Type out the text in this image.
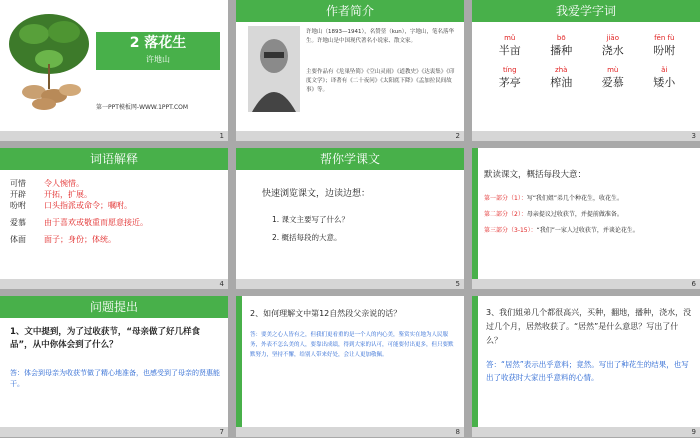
2 落花生
许地山
第一PPT模板网-WWW.1PPT.COM
1
作者简介
许地山（1893—1941），名赞堃（kun），字地山，笔名落华生。许地山是中国现代著名小说家、散文家。
主要作品有《危巢坠简》《空山灵雨》《道教史》《达衷集》《印度文学》；译著有《二十夜问》《太阳底下降》《孟加拉民间故事》等。
2
我爱学字词
mǔ
半亩
bō
播种
jiāo
浇水
fēn fù
吩咐
tíng
茅亭
zhà
榨油
mù
爱慕
ǎi
矮小
3
词语解释
可惜 令人惋惜。
开辟 开拓，扩展。
吩咐 口头指派或命令；嘱咐。
爱慕 由于喜欢或敬重而愿意接近。
体面 面子；身份；体统。
4
帮你学课文
快速浏览课文，边读边想：
1. 课文主要写了什么？
2. 概括每段的大意。
5
默读课文，概括每段大意：
第一部分（1）：写“我们姐”弟几个种花生，收花生。
第二部分（2）：母亲提议过收获节，并提前做准备。
第三部分（3-15）：“我们”一家人过收获节，并谈论花生。
6
问题提出
1、文中提到，为了过收获节，“母亲做了好几样食品”，从中你体会到了什么？
答：体会到母亲为收获节做了精心地准备，也感受到了母亲的贤惠能干。
7
2、如何理解文中第12自然段父亲说的话？
答：要美之心人皆有之，但我们更看重的是一个人的内心美，鉴赏实在地为人民服务，外表不怎么美的人，要靠出成绩，得到大家的认可，可能要付出更多，但只要默默努力，坚持不懈，给别人带来好处，会让人更加敬佩。
8
3、我们姐弟几个都很高兴，买种，翻地，播种，浇水，没过几个月，居然收获了。“居然”是什么意思？写出了什么？
答：“居然”表示出乎意料；竟然。写出了种花生的结果，也写出了收获时大家出乎意料的心情。
9
